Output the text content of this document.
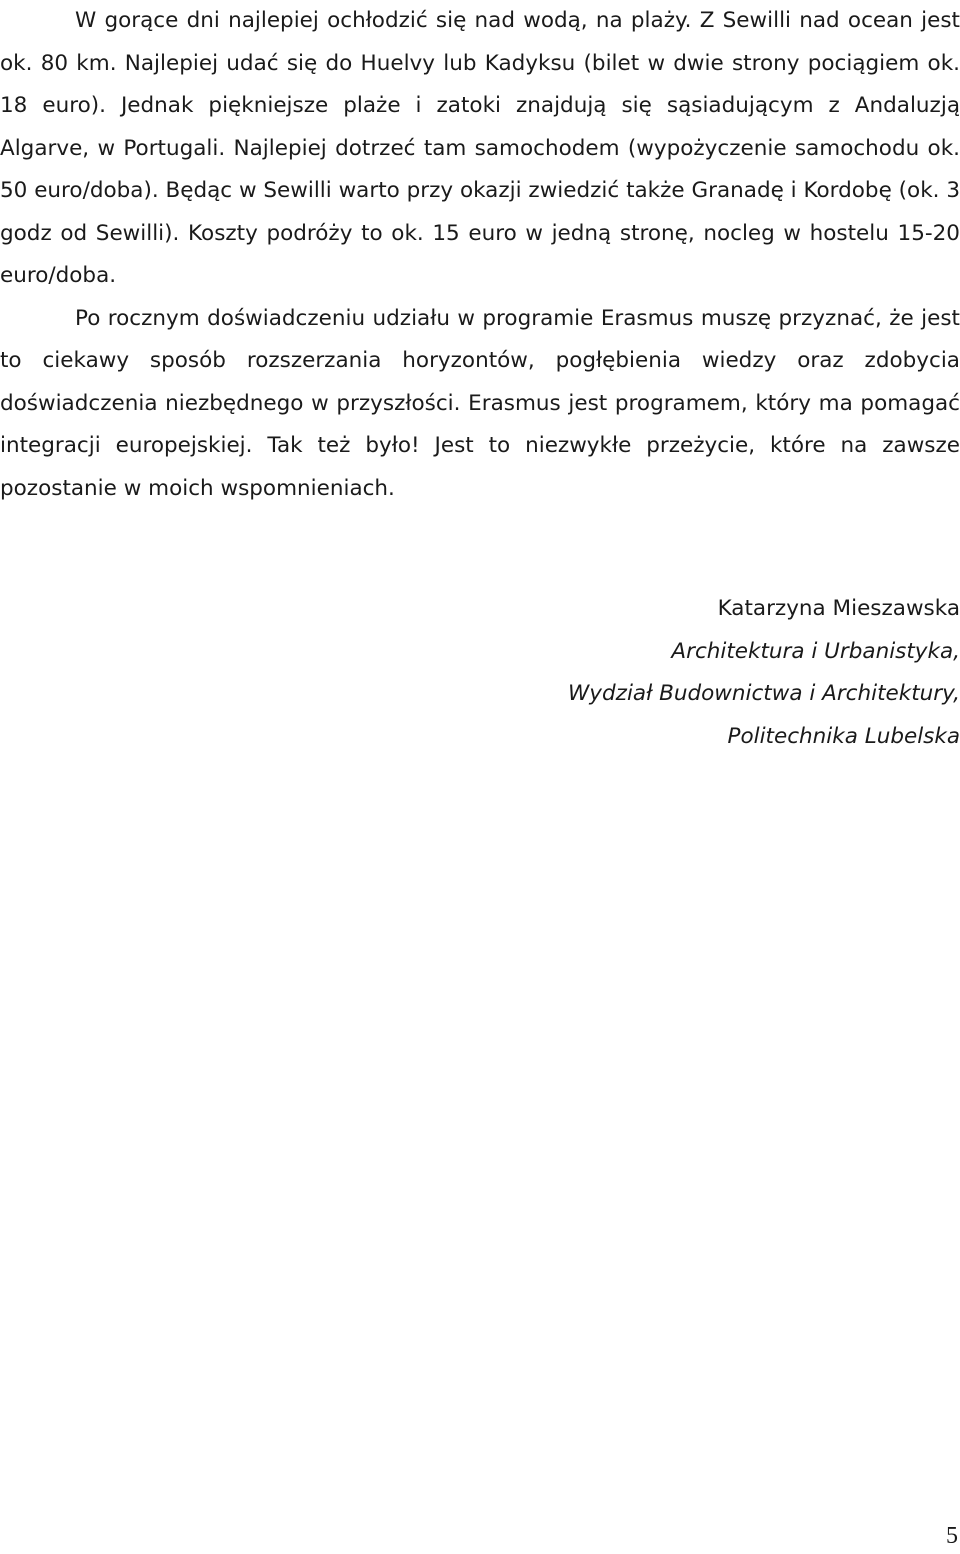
W gorące dni najlepiej ochłodzić się nad wodą, na plaży. Z Sewilli nad ocean jest ok. 80 km. Najlepiej udać się do Huelvy lub Kadyksu (bilet w dwie strony pociągiem ok. 18 euro). Jednak piękniejsze plaże i zatoki znajdują się sąsiadującym z Andaluzją Algarve, w Portugali. Najlepiej dotrzeć tam samochodem (wypożyczenie samochodu ok. 50 euro/doba). Będąc w Sewilli warto przy okazji zwiedzić także Granadę i Kordobę (ok. 3 godz od Sewilli). Koszty podróży to ok. 15 euro w jedną stronę, nocleg w hostelu 15-20 euro/doba.

Po rocznym doświadczeniu udziału w programie Erasmus muszę przyznać, że jest to ciekawy sposób rozszerzania horyzontów, pogłębienia wiedzy oraz zdobycia doświadczenia niezbędnego w przyszłości. Erasmus jest programem, który ma pomagać integracji europejskiej. Tak też było! Jest to niezwykłe przeżycie, które na zawsze pozostanie w moich wspomnieniach.

Katarzyna Mieszawska
Architektura i Urbanistyka,
Wydział Budownictwa i Architektury,
Politechnika Lubelska
5
